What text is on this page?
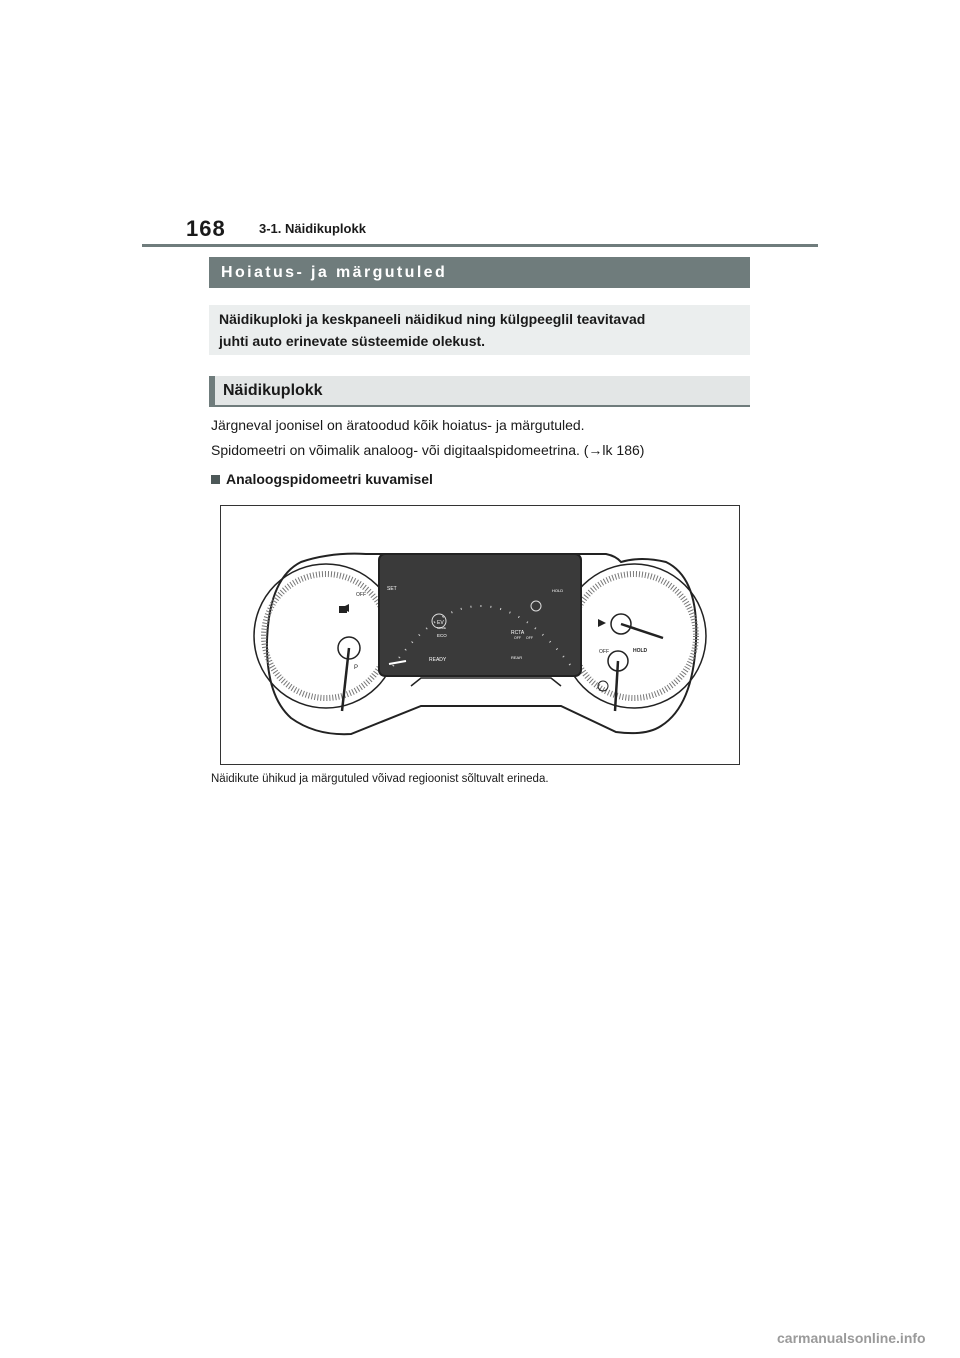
168	3-1. Näidikuplokk
Hoiatus- ja märgutuled
Näidikuploki ja keskpaneeli näidikud ning külgpeeglil teavitavad
juhti auto erinevate süsteemide olekust.
Näidikuplokk
Järgneval joonisel on äratoodud kõik hoiatus- ja märgutuled.
Spidomeetri on võimalik analoog- või digitaalspidomeetrina. (→lk 186)
Analoogspidomeetri kuvamisel
OFF
SET	HOLD
EV
MODE
ECO
READY
RCTA
OFF OFF
REAR
OFF	HOLD
P
Näidikute ühikud ja märgutuled võivad regioonist sõltuvalt erineda.
carmanualsonline.info
